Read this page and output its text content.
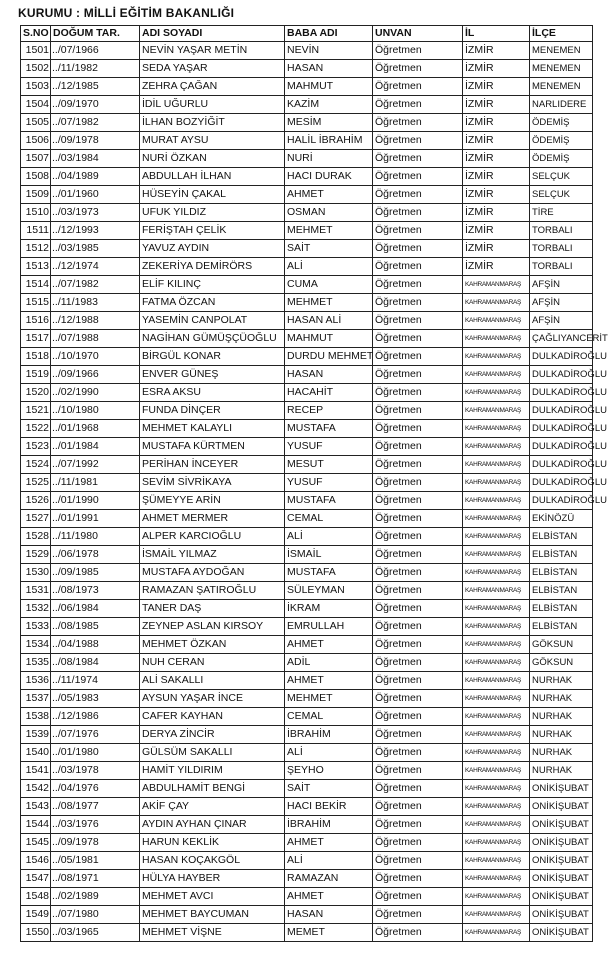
KURUMU : MİLLİ EĞİTİM BAKANLIĞI
S.NO	DOĞUM TAR.	ADI SOYADI	BABA ADI	UNVAN	İL	İLÇE
1501	../07/1966	NEVİN YAŞAR METİN	NEVİN	Öğretmen	İZMİR	MENEMEN
1502	../11/1982	SEDA YAŞAR	HASAN	Öğretmen	İZMİR	MENEMEN
1503	../12/1985	ZEHRA ÇAĞAN	MAHMUT	Öğretmen	İZMİR	MENEMEN
1504	../09/1970	İDİL UĞURLU	KAZİM	Öğretmen	İZMİR	NARLIDERE
1505	../07/1982	İLHAN BOZYİĞİT	MESİM	Öğretmen	İZMİR	ÖDEMİŞ
1506	../09/1978	MURAT AYSU	HALİL İBRAHİM	Öğretmen	İZMİR	ÖDEMİŞ
1507	../03/1984	NURİ ÖZKAN	NURİ	Öğretmen	İZMİR	ÖDEMİŞ
1508	../04/1989	ABDULLAH İLHAN	HACI DURAK	Öğretmen	İZMİR	SELÇUK
1509	../01/1960	HÜSEYİN ÇAKAL	AHMET	Öğretmen	İZMİR	SELÇUK
1510	../03/1973	UFUK YILDIZ	OSMAN	Öğretmen	İZMİR	TİRE
1511	../12/1993	FERİŞTAH ÇELİK	MEHMET	Öğretmen	İZMİR	TORBALI
1512	../03/1985	YAVUZ AYDIN	SAİT	Öğretmen	İZMİR	TORBALI
1513	../12/1974	ZEKERİYA DEMİRÖRS	ALİ	Öğretmen	İZMİR	TORBALI
1514	../07/1982	ELİF KILINÇ	CUMA	Öğretmen	KAHRAMANMARAŞ	AFŞİN
1515	../11/1983	FATMA ÖZCAN	MEHMET	Öğretmen	KAHRAMANMARAŞ	AFŞİN
1516	../12/1988	YASEMİN CANPOLAT	HASAN ALİ	Öğretmen	KAHRAMANMARAŞ	AFŞİN
1517	../07/1988	NAGİHAN GÜMÜŞÇÜOĞLU	MAHMUT	Öğretmen	KAHRAMANMARAŞ	ÇAĞLIYANCERİT
1518	../10/1970	BİRGÜL KONAR	DURDU MEHMET	Öğretmen	KAHRAMANMARAŞ	DULKADİROĞLU
1519	../09/1966	ENVER GÜNEŞ	HASAN	Öğretmen	KAHRAMANMARAŞ	DULKADİROĞLU
1520	../02/1990	ESRA AKSU	HACAHİT	Öğretmen	KAHRAMANMARAŞ	DULKADİROĞLU
1521	../10/1980	FUNDA DİNÇER	RECEP	Öğretmen	KAHRAMANMARAŞ	DULKADİROĞLU
1522	../01/1968	MEHMET KALAYLI	MUSTAFA	Öğretmen	KAHRAMANMARAŞ	DULKADİROĞLU
1523	../01/1984	MUSTAFA KÜRTMEN	YUSUF	Öğretmen	KAHRAMANMARAŞ	DULKADİROĞLU
1524	../07/1992	PERİHAN İNCEYER	MESUT	Öğretmen	KAHRAMANMARAŞ	DULKADİROĞLU
1525	../11/1981	SEVİM SİVRİKAYA	YUSUF	Öğretmen	KAHRAMANMARAŞ	DULKADİROĞLU
1526	../01/1990	ŞÜMEYYE ARİN	MUSTAFA	Öğretmen	KAHRAMANMARAŞ	DULKADİROĞLU
1527	../01/1991	AHMET MERMER	CEMAL	Öğretmen	KAHRAMANMARAŞ	EKİNÖZÜ
1528	../11/1980	ALPER KARCIOĞLU	ALİ	Öğretmen	KAHRAMANMARAŞ	ELBİSTAN
1529	../06/1978	İSMAİL YILMAZ	İSMAİL	Öğretmen	KAHRAMANMARAŞ	ELBİSTAN
1530	../09/1985	MUSTAFA AYDOĞAN	MUSTAFA	Öğretmen	KAHRAMANMARAŞ	ELBİSTAN
1531	../08/1973	RAMAZAN ŞATIROĞLU	SÜLEYMAN	Öğretmen	KAHRAMANMARAŞ	ELBİSTAN
1532	../06/1984	TANER DAŞ	İKRAM	Öğretmen	KAHRAMANMARAŞ	ELBİSTAN
1533	../08/1985	ZEYNEP ASLAN KIRSOY	EMRULLAH	Öğretmen	KAHRAMANMARAŞ	ELBİSTAN
1534	../04/1988	MEHMET ÖZKAN	AHMET	Öğretmen	KAHRAMANMARAŞ	GÖKSUN
1535	../08/1984	NUH CERAN	ADİL	Öğretmen	KAHRAMANMARAŞ	GÖKSUN
1536	../11/1974	ALİ SAKALLI	AHMET	Öğretmen	KAHRAMANMARAŞ	NURHAK
1537	../05/1983	AYSUN YAŞAR İNCE	MEHMET	Öğretmen	KAHRAMANMARAŞ	NURHAK
1538	../12/1986	CAFER KAYHAN	CEMAL	Öğretmen	KAHRAMANMARAŞ	NURHAK
1539	../07/1976	DERYA ZİNCİR	İBRAHİM	Öğretmen	KAHRAMANMARAŞ	NURHAK
1540	../01/1980	GÜLSÜM SAKALLI	ALİ	Öğretmen	KAHRAMANMARAŞ	NURHAK
1541	../03/1978	HAMİT YILDIRIM	ŞEYHO	Öğretmen	KAHRAMANMARAŞ	NURHAK
1542	../04/1976	ABDULHAMİT BENGİ	SAİT	Öğretmen	KAHRAMANMARAŞ	ONİKİŞUBAT
1543	../08/1977	AKİF ÇAY	HACI BEKİR	Öğretmen	KAHRAMANMARAŞ	ONİKİŞUBAT
1544	../03/1976	AYDIN AYHAN ÇINAR	İBRAHİM	Öğretmen	KAHRAMANMARAŞ	ONİKİŞUBAT
1545	../09/1978	HARUN KEKLİK	AHMET	Öğretmen	KAHRAMANMARAŞ	ONİKİŞUBAT
1546	../05/1981	HASAN KOÇAKGÖL	ALİ	Öğretmen	KAHRAMANMARAŞ	ONİKİŞUBAT
1547	../08/1971	HÜLYA HAYBER	RAMAZAN	Öğretmen	KAHRAMANMARAŞ	ONİKİŞUBAT
1548	../02/1989	MEHMET AVCI	AHMET	Öğretmen	KAHRAMANMARAŞ	ONİKİŞUBAT
1549	../07/1980	MEHMET BAYCUMAN	HASAN	Öğretmen	KAHRAMANMARAŞ	ONİKİŞUBAT
1550	../03/1965	MEHMET VİŞNE	MEMET	Öğretmen	KAHRAMANMARAŞ	ONİKİŞUBAT
